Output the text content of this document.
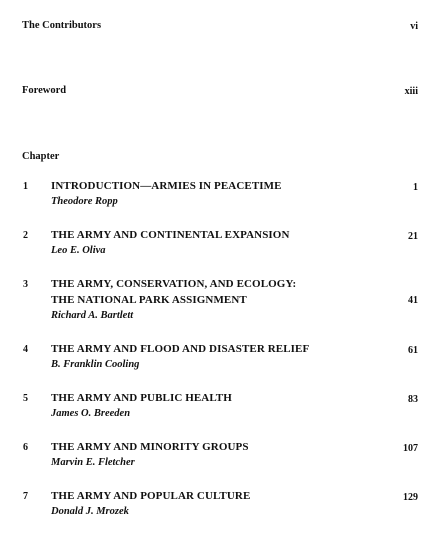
The Contributors	vi
Foreword	xiii
Chapter
1 INTRODUCTION—ARMIES IN PEACETIME
Theodore Ropp
1
2 THE ARMY AND CONTINENTAL EXPANSION
Leo E. Oliva
21
3 THE ARMY, CONSERVATION, AND ECOLOGY:
THE NATIONAL PARK ASSIGNMENT
Richard A. Bartlett
41
4 THE ARMY AND FLOOD AND DISASTER RELIEF
B. Franklin Cooling
61
5 THE ARMY AND PUBLIC HEALTH
James O. Breeden
83
6 THE ARMY AND MINORITY GROUPS
Marvin E. Fletcher
107
7 THE ARMY AND POPULAR CULTURE
Donald J. Mrozek
129
